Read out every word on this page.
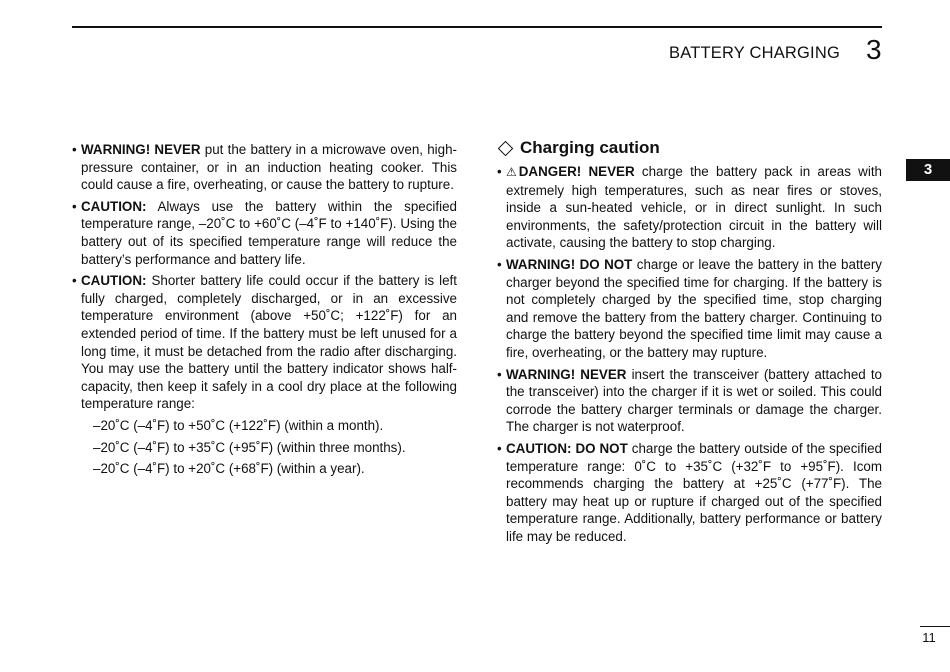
BATTERY CHARGING 3
3
• WARNING! NEVER put the battery in a microwave oven, high-pressure container, or in an induction heating cooker. This could cause a fire, overheating, or cause the battery to rupture.
• CAUTION: Always use the battery within the specified temperature range, –20˚C to +60˚C (–4˚F to +140˚F). Using the battery out of its specified temperature range will reduce the battery’s performance and battery life.
• CAUTION: Shorter battery life could occur if the battery is left fully charged, completely discharged, or in an excessive temperature environment (above +50˚C; +122˚F) for an extended period of time. If the battery must be left unused for a long time, it must be detached from the radio after discharging. You may use the battery until the battery indicator shows half-capacity, then keep it safely in a cool dry place at the following temperature range:
–20˚C (–4˚F) to +50˚C (+122˚F) (within a month).
–20˚C (–4˚F) to +35˚C (+95˚F) (within three months).
–20˚C (–4˚F) to +20˚C (+68˚F) (within a year).
Charging caution
• ⚠ DANGER! NEVER charge the battery pack in areas with extremely high temperatures, such as near fires or stoves, inside a sun-heated vehicle, or in direct sunlight. In such environments, the safety/protection circuit in the battery will activate, causing the battery to stop charging.
• WARNING! DO NOT charge or leave the battery in the battery charger beyond the specified time for charging. If the battery is not completely charged by the specified time, stop charging and remove the battery from the battery charger. Continuing to charge the battery beyond the specified time limit may cause a fire, overheating, or the battery may rupture.
• WARNING! NEVER insert the transceiver (battery attached to the transceiver) into the charger if it is wet or soiled. This could corrode the battery charger terminals or damage the charger. The charger is not waterproof.
• CAUTION: DO NOT charge the battery outside of the specified temperature range: 0˚C to +35˚C (+32˚F to +95˚F). Icom recommends charging the battery at +25˚C (+77˚F). The battery may heat up or rupture if charged out of the specified temperature range. Additionally, battery performance or battery life may be reduced.
11
